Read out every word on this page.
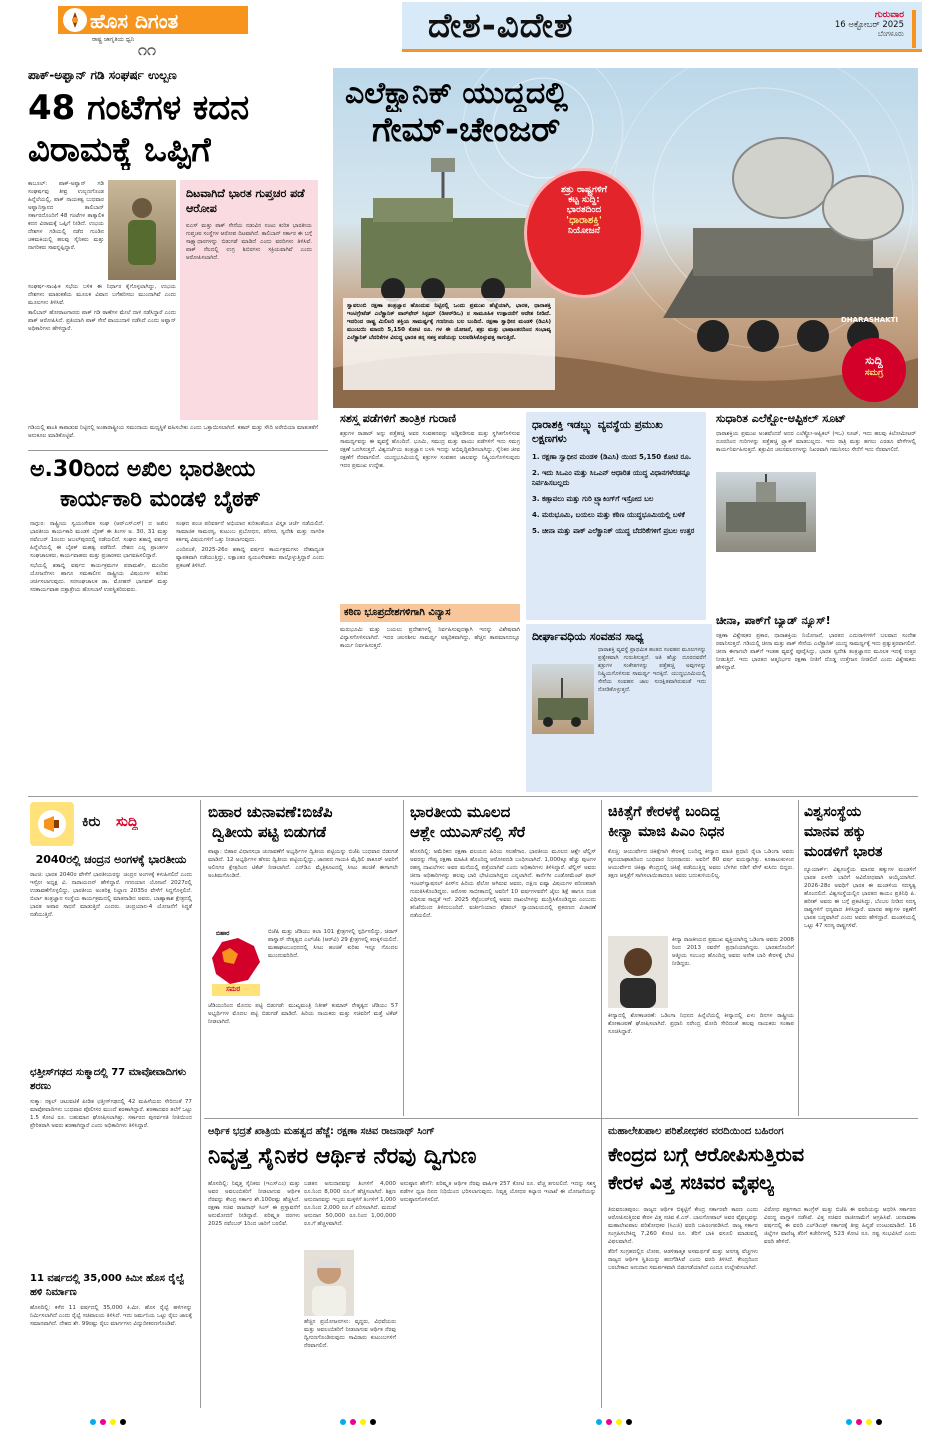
ಹೊಸ ದಿಗಂತ
ರಾಷ್ಟ್ರ ಜಾಗೃತಿಯ ಧ್ವನಿ
೧೧
ದೇಶ-ವಿದೇಶ	ಗುರುವಾರ
16 ಅಕ್ಟೋಬರ್ 2025
ಬೆಂಗಳೂರು
ಪಾಕ್-ಅಫ್ಘಾನ್ ಗಡಿ ಸಂಘರ್ಷ ಉಲ್ಬಣ
48 ಗಂಟೆಗಳ ಕದನ
ವಿರಾಮಕ್ಕೆ ಒಪ್ಪಿಗೆ

ಕಾಬೂಲ್: ಪಾಕ್-ಅಫ್ಘಾನ್ ಗಡಿ ಸಂಘರ್ಷವು ತೀವ್ರ ಉಲ್ಬಣಗೊಂಡ ಹಿನ್ನೆಲೆಯಲ್ಲಿ, ಪಾಕ್ ನಾಯಕತ್ವ ಬುಧವಾರ ಅಫ್ಘಾನಿಸ್ತಾನದ ತಾಲಿಬಾನ್ ಸರ್ಕಾರದೊಂದಿಗೆ 48 ಗಂಟೆಗಳ ತಾತ್ಕಾಲಿಕ ಕದನ ವಿರಾಮಕ್ಕೆ ಒಪ್ಪಿಗೆ ನೀಡಿದೆ. ಉಭಯ ದೇಶಗಳ ಗಡಿಯಲ್ಲಿ ನಡೆದ ಗುಂಡಿನ ಚಕಮಕಿಯಲ್ಲಿ ಹಲವು ಸೈನಿಕರು ಮತ್ತು ನಾಗರಿಕರು ಸಾವನ್ನಪ್ಪಿದ್ದಾರೆ.

ಸಂಘರ್ಷ-ಸಾಂಘಿಕ ಸಭೆಯ ಬಳಿಕ ಈ ನಿರ್ಧಾರ ಕೈಗೊಳ್ಳಲಾಗಿದ್ದು, ಉಭಯ ದೇಶಗಳು ಮಾತುಕತೆಯ ಮೂಲಕ ವಿವಾದ ಬಗೆಹರಿಸಲು ಮುಂದಾಗಿವೆ ಎಂದು ಮೂಲಗಳು ತಿಳಿಸಿವೆ.

ತಾಲಿಬಾನ್ ಹೋರಾಟಗಾರರು ಪಾಕ್ ಗಡಿ ಠಾಣೆಗಳ ಮೇಲೆ ದಾಳಿ ನಡೆಸಿದ್ದಾರೆ ಎಂದು ಪಾಕ್ ಆರೋಪಿಸಿದೆ. ಪ್ರತಿಯಾಗಿ ಪಾಕ್ ಸೇನೆ ವಾಯುದಾಳಿ ನಡೆಸಿದೆ ಎಂದು ಅಫ್ಘಾನ್ ಅಧಿಕಾರಿಗಳು ಹೇಳಿದ್ದಾರೆ.

ದಿಟವಾಗಿದೆ ಭಾರತ ಗುಪ್ತಚರ ಪಡೆ ಆರೋಪ
ಐಎಸ್ ಮತ್ತು ಪಾಕ್ ಸೇನೆಯ ನಡುವಿನ ನಂಟು ಕುರಿತ ಭಾರತೀಯ ಗುಪ್ತಚರ ಸಂಸ್ಥೆಗಳ ಆರೋಪ ದಿಟವಾಗಿದೆ. ತಾಲಿಬಾನ್ ಸರ್ಕಾರ ಈ ಬಗ್ಗೆ ಸಾಕ್ಷ್ಯಾಧಾರಗಳನ್ನು ಬಿಡುಗಡೆ ಮಾಡಿದೆ ಎಂದು ವರದಿಗಳು ತಿಳಿಸಿವೆ. ಪಾಕ್ ನೆಲದಲ್ಲಿ ಉಗ್ರ ಶಿಬಿರಗಳು ಸಕ್ರಿಯವಾಗಿವೆ ಎಂದು ಆರೋಪಿಸಲಾಗಿದೆ.

ಗಡಿಯಲ್ಲಿ ಶಾಂತಿ ಕಾಪಾಡುವ ನಿಟ್ಟಿನಲ್ಲಿ ಅಂತಾರಾಷ್ಟ್ರೀಯ ಸಮುದಾಯ ಮಧ್ಯಸ್ಥಿಕೆ ವಹಿಸಬೇಕು ಎಂದು ಒತ್ತಾಯಿಸಲಾಗಿದೆ. ಕತಾರ್ ಮತ್ತು ಸೌದಿ ಅರೇಬಿಯಾ ಮಾತುಕತೆಗೆ ಅನುಕೂಲ ಮಾಡಿಕೊಟ್ಟಿವೆ.

DHARASHAKTI
ಎಲೆಕ್ಟ್ರಾನಿಕ್ ಯುದ್ಧದಲ್ಲಿ
ಗೇಮ್-ಚೇಂಜರ್
ಶತ್ರು ರಾಷ್ಟ್ರಗಳಿಗೆ
ಕಟ್ಟ ಸುದ್ದಿ:
ಭಾರತದಿಂದ
'ಧಾರಾಶಕ್ತಿ'
ನಿಯೋಜನೆ
ಸ್ವಾವಲಂಬಿ ರಕ್ಷಣಾ ತಂತ್ರಜ್ಞಾನ ಹೊಂದುವ ನಿಟ್ಟಿನಲ್ಲಿ ಒಂದು ಪ್ರಮುಖ ಹೆಜ್ಜೆಯಾಗಿ, ಭಾರತ, ಧಾರಾಶಕ್ತಿ ಇಂಟಿಗ್ರೇಟೆಡ್ ಎಲೆಕ್ಟ್ರಾನಿಕ್ ವಾರ್‌ಫೇರ್ ಸಿಸ್ಟಮ್ (ಡಿಆರ್‌ಡಿಒ) ನ ಸಾಮೂಹಿಕ ಉತ್ಪಾದನೆಗೆ ಆದೇಶ ನೀಡಿದೆ. ಇದರಿಂದ ರಾಷ್ಟ್ರ ಮಿಲಿಟರಿ ಶಕ್ತಿಯ ಸಾಮರ್ಥ್ಯಕ್ಕೆ ಗಣನೀಯ ಬಲ ಬಂದಿದೆ. ರಕ್ಷಣಾ ಸ್ವಾಧೀನ ಮಂಡಳಿ (ಡಿಎಸಿ) ಮುಂಬಯಿ ಮಾದರಿ 5,150 ಕೋಟಿ ರೂ. ಗಳ ಈ ಯೋಜನೆ, ಶತ್ರು ಮತ್ತು ಭಾಷಾಂತರದಿಂದ ಸಂಭಾವ್ಯ ಎಲೆಕ್ಟ್ರಾನಿಕ್ ಬೆದರಿಕೆಗಳ ವಿರುದ್ಧ ಭಾರತ ತನ್ನ ಸಶಕ್ತ ಪಡೆಯನ್ನು ಬಲಪಡಿಸಿಕೊಳ್ಳುವತ್ತ ಸಾಗುತ್ತಿದೆ.
ಸುದ್ದಿ
ಸಮಗ್ರ
ಸಶಸ್ತ್ರ ಪಡೆಗಳಿಗೆ ತಾಂತ್ರಿಕ ಗುರಾಣಿ
ಶತ್ರುಗಳ ರಾಡಾರ್ ಅನ್ನು ಪತ್ತೆಹಚ್ಚಿ ಅವರ ಸಂವಹನವನ್ನು ಅಡ್ಡಿಪಡಿಸುವ ಮತ್ತು ಸ್ಥಗಿತಗೊಳಿಸುವ ಸಾಮರ್ಥ್ಯವನ್ನು ಈ ವ್ಯವಸ್ಥೆ ಹೊಂದಿದೆ. ಭೂಮಿ, ಸಮುದ್ರ ಮತ್ತು ವಾಯು ಪಡೆಗಳಿಗೆ ಇದು ಸಮಗ್ರ ರಕ್ಷಣೆ ಒದಗಿಸುತ್ತದೆ. ವಿಶ್ವದರ್ಜೆಯ ತಂತ್ರಜ್ಞಾನ ಬಳಸಿ ಇದನ್ನು ಅಭಿವೃದ್ಧಿಪಡಿಸಲಾಗಿದ್ದು, ಸೈನಿಕರ ಜೀವ ರಕ್ಷಣೆಗೆ ನೆರವಾಗಲಿದೆ. ಯುದ್ಧಭೂಮಿಯಲ್ಲಿ ಶತ್ರುಗಳ ಸಂವಹನ ಜಾಲವನ್ನು ನಿಷ್ಕ್ರಿಯಗೊಳಿಸುವುದು ಇದರ ಪ್ರಮುಖ ಉದ್ದೇಶ.
ಕಠಿಣ ಭೂಪ್ರದೇಶಗಳಿಗಾಗಿ ವಿನ್ಯಾಸ
ಮರುಭೂಮಿ ಮತ್ತು ಬಯಲು ಪ್ರದೇಶಗಳಲ್ಲಿ ನಿರ್ವಹಿಸುವುದಕ್ಕಾಗಿ ಇದನ್ನು ವಿಶೇಷವಾಗಿ ವಿನ್ಯಾಸಗೊಳಿಸಲಾಗಿದೆ. ಇದರ ಚಲನಶೀಲ ಸಾಮರ್ಥ್ಯ ಅತ್ಯಧಿಕವಾಗಿದ್ದು, ಹೆಚ್ಚಿನ ತಾಪಮಾನದಲ್ಲೂ ಕಾರ್ಯ ನಿರ್ವಹಿಸುತ್ತದೆ.
ಧಾರಾಶಕ್ತಿ ಇಡಬ್ಲ್ಯು ವ್ಯವಸ್ಥೆಯ ಪ್ರಮುಖ ಲಕ್ಷಣಗಳು
1. ರಕ್ಷಣಾ ಸ್ವಾಧೀನ ಮಂಡಳಿ (ಡಿಎಸಿ) ಯಿಂದ 5,150 ಕೋಟಿ ರೂ.
2. ಇದು ಸಿಒಎಂ ಮತ್ತು ಸಿಒಎನ್ ಆಧಾರಿತ ಯುದ್ಧ ವಿಧಾನಗಳೆರಡನ್ನೂ ನಿರ್ವಹಿಸಬಲ್ಲದು
3. ಕಣ್ಗಾವಲು ಮತ್ತು ಗುರಿ ಟ್ರ್ಯಾಕಿಂಗ್‌ಗೆ ಇಸ್ರೋದ ಬಲ
4. ಮರುಭೂಮಿ, ಬಯಲು ಮತ್ತು ಕಠಿಣ ಯುದ್ಧಭೂಮಿಯಲ್ಲಿ ಬಳಕೆ
5. ಚೀನಾ ಮತ್ತು ಪಾಕ್ ಎಲೆಕ್ಟ್ರಾನಿಕ್ ಯುದ್ಧ ಬೆದರಿಕೆಗಳಿಗೆ ಪ್ರಬಲ ಉತ್ತರ
ದೀರ್ಘಾವಧಿಯ ಸಂವಹನ ಸಾಧ್ಯ
ಧಾರಾಶಕ್ತಿ ವ್ಯವಸ್ಥೆ ಪ್ರಾಥಮಿಕ ಹಂತದ ಸಂವಹನ ಮೂಲಗಳನ್ನು ಪ್ರತ್ಯೇಕವಾಗಿ ಗುರುತಿಸುತ್ತದೆ. ಅತಿ ಹೆಚ್ಚು ದೂರದವರೆಗೆ ಶತ್ರುಗಳ ಸಂಕೇತಗಳನ್ನು ಪತ್ತೆಹಚ್ಚಿ ಅವುಗಳನ್ನು ನಿಷ್ಕ್ರಿಯಗೊಳಿಸುವ ಸಾಮರ್ಥ್ಯ ಇದಕ್ಕಿದೆ. ಯುದ್ಧಭೂಮಿಯಲ್ಲಿ ಸೇನೆಯ ಸಂವಹನ ಜಾಲ ಸುರಕ್ಷಿತವಾಗಿರುವಂತೆ ಇದು ನೋಡಿಕೊಳ್ಳುತ್ತದೆ.
ಸುಧಾರಿತ ಎಲೆಕ್ಟ್ರೋ-ಆಪ್ಟಿಕಲ್ ಸೂಟ್
ಧಾರಾಶಕ್ತಿಯ ಪ್ರಮುಖ ಅಂಶವೆಂದರೆ ಅದರ ಎಲೆಕ್ಟ್ರೋ-ಆಪ್ಟಿಕಲ್ (ಇಒ) ಸೂಟ್, ಇದು ಹಲವು ಕಿಲೋಮೀಟರ್ ದೂರದಿಂದ ಗುರಿಗಳನ್ನು ಪತ್ತೆಹಚ್ಚಿ ಟ್ರ್ಯಾಕ್ ಮಾಡಬಲ್ಲದು. ಇದು ರಾತ್ರಿ ಮತ್ತು ಹಗಲು ಎರಡೂ ವೇಳೆಗಳಲ್ಲಿ ಕಾರ್ಯನಿರ್ವಹಿಸುತ್ತದೆ. ಶತ್ರುವಿನ ಚಲನವಲನಗಳನ್ನು ನಿಖರವಾಗಿ ಗಮನಿಸಲು ಸೇನೆಗೆ ಇದು ನೆರವಾಗಲಿದೆ.
ಚೀನಾ, ಪಾಕ್‌ಗೆ ಬ್ಯಾಡ್ ನ್ಯೂಸ್!
ರಕ್ಷಣಾ ವಿಶ್ಲೇಷಕರ ಪ್ರಕಾರ, ಧಾರಾಶಕ್ತಿಯ ನಿಯೋಜನೆ, ಭಾರತದ ಎದುರಾಳಿಗಳಿಗೆ ಬಲವಾದ ಸಂದೇಶ ರವಾನಿಸುತ್ತದೆ. ಗಡಿಯಲ್ಲಿ ಚೀನಾ ಮತ್ತು ಪಾಕ್ ಸೇನೆಯ ಎಲೆಕ್ಟ್ರಾನಿಕ್ ಯುದ್ಧ ಸಾಮರ್ಥ್ಯಕ್ಕೆ ಇದು ಪ್ರತ್ಯುತ್ತರವಾಗಲಿದೆ. ಚೀನಾ ಈಗಾಗಲೇ ಪಾಕ್‌ಗೆ ಇಂತಹ ವ್ಯವಸ್ಥೆ ಪೂರೈಸಿದ್ದು, ಭಾರತ ಸ್ವದೇಶಿ ತಂತ್ರಜ್ಞಾನದ ಮೂಲಕ ಇದಕ್ಕೆ ಉತ್ತರ ನೀಡುತ್ತಿದೆ. ಇದು ಭಾರತದ ಆತ್ಮನಿರ್ಭರ ರಕ್ಷಣಾ ನೀತಿಗೆ ದೊಡ್ಡ ಉತ್ತೇಜನ ನೀಡಲಿದೆ ಎಂದು ವಿಶ್ಲೇಷಕರು ಹೇಳಿದ್ದಾರೆ.
ಅ.30ರಿಂದ ಅಖಿಲ ಭಾರತೀಯ
ಕಾರ್ಯಕಾರಿ ಮಂಡಳಿ ಬೈಠಕ್

ನಾಗ್ಪುರ: ರಾಷ್ಟ್ರೀಯ ಸ್ವಯಂಸೇವಕ ಸಂಘ (ಆರ್‌ಎಸ್‌ಎಸ್) ದ ಅಖಿಲ ಭಾರತೀಯ ಕಾರ್ಯಕಾರಿ ಮಂಡಳಿ ಬೈಠಕ್ ಈ ತಿಂಗಳ ಅ. 30, 31 ಮತ್ತು ನವೆಂಬರ್ 1ರಂದು ಜಬಲ್‌ಪುರದಲ್ಲಿ ನಡೆಯಲಿದೆ. ಸಂಘದ ಶತಾಬ್ದಿ ವರ್ಷದ ಹಿನ್ನೆಲೆಯಲ್ಲಿ ಈ ಬೈಠಕ್ ಮಹತ್ವ ಪಡೆದಿದೆ. ದೇಶದ ಎಲ್ಲ ಪ್ರಾಂತಗಳ ಸಂಘಚಾಲಕರು, ಕಾರ್ಯವಾಹರು ಮತ್ತು ಪ್ರಚಾರಕರು ಭಾಗವಹಿಸಲಿದ್ದಾರೆ.

ಸಭೆಯಲ್ಲಿ ಶತಾಬ್ದಿ ವರ್ಷದ ಕಾರ್ಯಕ್ರಮಗಳ ಪರಾಮರ್ಶೆ, ಮುಂದಿನ ಯೋಜನೆಗಳು ಹಾಗೂ ಸಮಕಾಲೀನ ರಾಷ್ಟ್ರೀಯ ವಿಷಯಗಳ ಕುರಿತು ಚರ್ಚಿಸಲಾಗುವುದು. ಸರಸಂಘಚಾಲಕ ಡಾ. ಮೋಹನ್ ಭಾಗವತ್ ಮತ್ತು ಸರಕಾರ್ಯವಾಹ ದತ್ತಾತ್ರೇಯ ಹೊಸಬಾಳೆ ಉಪಸ್ಥಿತರಿರುವರು.

ಸಂಘದ ಪಂಚ ಪರಿವರ್ತನೆ ಅಭಿಯಾನ ಕುರಿತಂತೆಯೂ ವಿಸ್ತೃತ ಚರ್ಚೆ ನಡೆಯಲಿದೆ. ಸಾಮಾಜಿಕ ಸಾಮರಸ್ಯ, ಕುಟುಂಬ ಪ್ರಬೋಧನ, ಪರಿಸರ, ಸ್ವದೇಶಿ ಮತ್ತು ನಾಗರಿಕ ಕರ್ತವ್ಯ ವಿಷಯಗಳಿಗೆ ಒತ್ತು ನೀಡಲಾಗುವುದು.

ಎಂದಿನಂತೆ, 2025-26ರ ಶತಾಬ್ದಿ ವರ್ಷದ ಕಾರ್ಯಕ್ರಮಗಳು ದೇಶಾದ್ಯಂತ ವ್ಯಾಪಕವಾಗಿ ನಡೆಯುತ್ತಿದ್ದು, ಲಕ್ಷಾಂತರ ಸ್ವಯಂಸೇವಕರು ಪಾಲ್ಗೊಳ್ಳುತ್ತಿದ್ದಾರೆ ಎಂದು ಪ್ರಕಟಣೆ ತಿಳಿಸಿದೆ.

ಕಿರು ಸುದ್ದಿ
2040ರಲ್ಲಿ ಚಂದ್ರನ ಅಂಗಳಕ್ಕೆ ಭಾರತೀಯ
ರಾಂಚಿ: ಭಾರತ 2040ರ ವೇಳೆಗೆ ಭಾರತೀಯರನ್ನು ಚಂದ್ರನ ಅಂಗಳಕ್ಕೆ ಕಳುಹಿಸಲಿದೆ ಎಂದು ಇಸ್ರೋ ಅಧ್ಯಕ್ಷ ವಿ. ನಾರಾಯಣನ್ ಹೇಳಿದ್ದಾರೆ. ಗಗನಯಾನ ಯೋಜನೆ 2027ರಲ್ಲಿ ಉಡಾವಣೆಗೊಳ್ಳಲಿದ್ದು, ಭಾರತೀಯ ಅಂತರಿಕ್ಷ ನಿಲ್ದಾಣ 2035ರ ವೇಳೆಗೆ ಸಿದ್ಧಗೊಳ್ಳಲಿದೆ. ಬಿರ್ಲಾ ತಂತ್ರಜ್ಞಾನ ಸಂಸ್ಥೆಯ ಕಾರ್ಯಕ್ರಮದಲ್ಲಿ ಮಾತನಾಡಿದ ಅವರು, ಬಾಹ್ಯಾಕಾಶ ಕ್ಷೇತ್ರದಲ್ಲಿ ಭಾರತ ಅಪಾರ ಸಾಧನೆ ಮಾಡುತ್ತಿದೆ ಎಂದರು. ಚಂದ್ರಯಾನ-4 ಯೋಜನೆಗೆ ಸಿದ್ಧತೆ ನಡೆಯುತ್ತಿದೆ.
ಛತ್ತೀಸ್‌ಗಢದ ಸುಕ್ಮಾದಲ್ಲಿ 77 ಮಾವೋವಾದಿಗಳು ಶರಣು
ಸುಕ್ಮಾ: ನಕ್ಸಲ್ ಚಟುವಟಿಕೆ ಪೀಡಿತ ಛತ್ತೀಸ್‌ಗಢದಲ್ಲಿ 42 ಮಹಿಳೆಯರು ಸೇರಿದಂತೆ 77 ಮಾವೋವಾದಿಗಳು ಬುಧವಾರ ಪೊಲೀಸರ ಮುಂದೆ ಶರಣಾಗಿದ್ದಾರೆ. ಶರಣಾದವರ ತಲೆಗೆ ಒಟ್ಟು 1.5 ಕೋಟಿ ರೂ. ಬಹುಮಾನ ಘೋಷಿಸಲಾಗಿತ್ತು. ಸರ್ಕಾರದ ಪುನರ್ವಸತಿ ನೀತಿಯಿಂದ ಪ್ರೇರಿತರಾಗಿ ಅವರು ಶರಣಾಗಿದ್ದಾರೆ ಎಂದು ಅಧಿಕಾರಿಗಳು ತಿಳಿಸಿದ್ದಾರೆ.
11 ವರ್ಷದಲ್ಲಿ 35,000 ಕಿಮೀ ಹೊಸ ರೈಲ್ವೆ ಹಳಿ ನಿರ್ಮಾಣ
ಹೊಸದಿಲ್ಲಿ: ಕಳೆದ 11 ವರ್ಷದಲ್ಲಿ 35,000 ಕಿ.ಮೀ. ಹೊಸ ರೈಲ್ವೆ ಹಳಿಗಳನ್ನು ನಿರ್ಮಿಸಲಾಗಿದೆ ಎಂದು ರೈಲ್ವೆ ಸಚಿವಾಲಯ ತಿಳಿಸಿದೆ. ಇದು ಜರ್ಮನಿಯ ಒಟ್ಟು ರೈಲು ಜಾಲಕ್ಕೆ ಸಮಾನವಾಗಿದೆ. ದೇಶದ ಶೇ. 99ರಷ್ಟು ರೈಲು ಮಾರ್ಗಗಳು ವಿದ್ಯುದೀಕರಣಗೊಂಡಿವೆ.
ಬಿಹಾರ ಚುನಾವಣೆ:ಬಿಜೆಪಿ
ದ್ವಿತೀಯ ಪಟ್ಟಿ ಬಿಡುಗಡೆ

ಪಾಟ್ನಾ: ಬಿಹಾರ ವಿಧಾನಸಭಾ ಚುನಾವಣೆಗೆ ಅಭ್ಯರ್ಥಿಗಳ ದ್ವಿತೀಯ ಪಟ್ಟಿಯನ್ನು ಬಿಜೆಪಿ ಬುಧವಾರ ಬಿಡುಗಡೆ ಮಾಡಿದೆ. 12 ಅಭ್ಯರ್ಥಿಗಳ ಹೆಸರು ದ್ವಿತೀಯ ಪಟ್ಟಿಯಲ್ಲಿದ್ದು, ಜಾನಪದ ಗಾಯಕಿ ಮೈಥಿಲಿ ಠಾಕೂರ್ ಅವರಿಗೆ ಅಲಿನಗರ ಕ್ಷೇತ್ರದಿಂದ ಟಿಕೆಟ್ ನೀಡಲಾಗಿದೆ. ಎನ್‌ಡಿಎ ಮೈತ್ರಿಕೂಟದಲ್ಲಿ ಸೀಟು ಹಂಚಿಕೆ ಈಗಾಗಲೇ ಅಂತಿಮಗೊಂಡಿದೆ.

ಬಿಹಾರ
ಸಮರ

ಬಿಜೆಪಿ ಮತ್ತು ಜೆಡಿಯು ತಲಾ 101 ಕ್ಷೇತ್ರಗಳಲ್ಲಿ ಸ್ಪರ್ಧಿಸಲಿದ್ದು, ಚಿರಾಗ್ ಪಾಸ್ವಾನ್ ನೇತೃತ್ವದ ಎಲ್‌ಜೆಪಿ (ಆರ್‌ವಿ) 29 ಕ್ಷೇತ್ರಗಳಲ್ಲಿ ಕಣಕ್ಕಿಳಿಯಲಿದೆ. ಮಹಾಘಟಬಂಧನದಲ್ಲಿ ಸೀಟು ಹಂಚಿಕೆ ಕುರಿತು ಇನ್ನೂ ಗೊಂದಲ ಮುಂದುವರಿದಿದೆ.

ಜೆಡಿಯುದಿಂದ ಮೊದಲ ಪಟ್ಟಿ ಬಿಡುಗಡೆ: ಮುಖ್ಯಮಂತ್ರಿ ನಿತೀಶ್ ಕುಮಾರ್ ನೇತೃತ್ವದ ಜೆಡಿಯು 57 ಅಭ್ಯರ್ಥಿಗಳ ಮೊದಲ ಪಟ್ಟಿ ಬಿಡುಗಡೆ ಮಾಡಿದೆ. ಹಿರಿಯ ನಾಯಕರು ಮತ್ತು ಸಚಿವರಿಗೆ ಮತ್ತೆ ಟಿಕೆಟ್ ನೀಡಲಾಗಿದೆ.

ಭಾರತೀಯ ಮೂಲದ
ಆಶ್ಲೇ ಯುಎಸ್‌ನಲ್ಲಿ ಸೆರೆ
ಹೊಸದಿಲ್ಲಿ: ಅಮೆರಿಕದ ರಕ್ಷಣಾ ವಲಯದ ಹಿರಿಯ ಸಲಹೆಗಾರ, ಭಾರತೀಯ ಮೂಲದ ಆಶ್ಲೇ ಟೆಲ್ಲಿಸ್ ಅವರನ್ನು ಗೌಪ್ಯ ರಕ್ಷಣಾ ಮಾಹಿತಿ ಹೊಂದಿದ್ದ ಆರೋಪದಡಿ ಬಂಧಿಸಲಾಗಿದೆ. 1,000ಕ್ಕೂ ಹೆಚ್ಚು ಪುಟಗಳ ರಹಸ್ಯ ದಾಖಲೆಗಳು ಅವರ ಮನೆಯಲ್ಲಿ ಪತ್ತೆಯಾಗಿವೆ ಎಂದು ಅಧಿಕಾರಿಗಳು ತಿಳಿಸಿದ್ದಾರೆ. ಟೆಲ್ಲಿಸ್ ಅವರು ಚೀನಾ ಅಧಿಕಾರಿಗಳನ್ನು ಹಲವು ಬಾರಿ ಭೇಟಿಯಾಗಿದ್ದರು ಎನ್ನಲಾಗಿದೆ. ಕಾರ್ನೆಗೀ ಎಂಡೋಮೆಂಟ್ ಫಾರ್ ಇಂಟರ್‌ನ್ಯಾಷನಲ್ ಪೀಸ್‌ನ ಹಿರಿಯ ಫೆಲೋ ಆಗಿರುವ ಅವರು, ದಕ್ಷಿಣ ಏಷ್ಯಾ ವಿಷಯಗಳ ಪರಿಣತರಾಗಿ ಗುರುತಿಸಿಕೊಂಡಿದ್ದರು. ಆರೋಪ ಸಾಬೀತಾದಲ್ಲಿ ಅವರಿಗೆ 10 ವರ್ಷಗಳವರೆಗೆ ಜೈಲು ಶಿಕ್ಷೆ ಹಾಗೂ ದಂಡ ವಿಧಿಸುವ ಸಾಧ್ಯತೆ ಇದೆ. 2025 ಸೆಪ್ಟೆಂಬರ್‌ನಲ್ಲಿ ಅವರು ದಾಖಲೆಗಳನ್ನು ಮುದ್ರಿಸಿಕೊಂಡಿದ್ದರು ಎಂಬುದು ತನಿಖೆಯಿಂದ ತಿಳಿದುಬಂದಿದೆ. ವರ್ಜೀನಿಯಾದ ಫೆಡರಲ್ ನ್ಯಾಯಾಲಯದಲ್ಲಿ ಪ್ರಕರಣದ ವಿಚಾರಣೆ ನಡೆಯಲಿದೆ.
ಚಿಕಿತ್ಸೆಗೆ ಕೇರಳಕ್ಕೆ ಬಂದಿದ್ದ
ಕೀನ್ಯಾ ಮಾಜಿ ಪಿಎಂ ನಿಧನ

ಕೊಚ್ಚಿ: ಆಯುರ್ವೇದ ಚಿಕಿತ್ಸೆಗಾಗಿ ಕೇರಳಕ್ಕೆ ಬಂದಿದ್ದ ಕೀನ್ಯಾದ ಮಾಜಿ ಪ್ರಧಾನಿ ರೈಲಾ ಒಡಿಂಗಾ ಅವರು ಹೃದಯಾಘಾತದಿಂದ ಬುಧವಾರ ನಿಧನರಾದರು. ಅವರಿಗೆ 80 ವರ್ಷ ವಯಸ್ಸಾಗಿತ್ತು. ಕೂತಾಟುಕುಳಂನ ಆಯುರ್ವೇದ ಚಿಕಿತ್ಸಾ ಕೇಂದ್ರದಲ್ಲಿ ಚಿಕಿತ್ಸೆ ಪಡೆಯುತ್ತಿದ್ದ ಅವರು ಬೆಳಗಿನ ನಡಿಗೆ ವೇಳೆ ಕುಸಿದು ಬಿದ್ದರು. ತಕ್ಷಣ ಆಸ್ಪತ್ರೆಗೆ ಸಾಗಿಸಲಾಯಿತಾದರೂ ಅವರು ಬದುಕುಳಿಯಲಿಲ್ಲ.

ಕೀನ್ಯಾ ರಾಜಕೀಯದ ಪ್ರಮುಖ ವ್ಯಕ್ತಿಯಾಗಿದ್ದ ಒಡಿಂಗಾ ಅವರು 2008 ರಿಂದ 2013 ರವರೆಗೆ ಪ್ರಧಾನಿಯಾಗಿದ್ದರು. ಭಾರತದೊಂದಿಗೆ ಆತ್ಮೀಯ ಸಂಬಂಧ ಹೊಂದಿದ್ದ ಅವರು ಅನೇಕ ಬಾರಿ ಕೇರಳಕ್ಕೆ ಭೇಟಿ ನೀಡಿದ್ದರು.

ಕೀನ್ಯಾದಲ್ಲಿ ಶೋಕಾಚರಣೆ: ಒಡಿಂಗಾ ನಿಧನದ ಹಿನ್ನೆಲೆಯಲ್ಲಿ ಕೀನ್ಯಾದಲ್ಲಿ ಏಳು ದಿನಗಳ ರಾಷ್ಟ್ರೀಯ ಶೋಕಾಚರಣೆ ಘೋಷಿಸಲಾಗಿದೆ. ಪ್ರಧಾನಿ ನರೇಂದ್ರ ಮೋದಿ ಸೇರಿದಂತೆ ಹಲವು ನಾಯಕರು ಸಂತಾಪ ಸೂಚಿಸಿದ್ದಾರೆ.

ವಿಶ್ವಸಂಸ್ಥೆಯ
ಮಾನವ ಹಕ್ಕು
ಮಂಡಳಿಗೆ ಭಾರತ
ನ್ಯೂಯಾರ್ಕ್: ವಿಶ್ವಸಂಸ್ಥೆಯ ಮಾನವ ಹಕ್ಕುಗಳ ಮಂಡಳಿಗೆ ಭಾರತ ಏಳನೇ ಬಾರಿಗೆ ಅವಿರೋಧವಾಗಿ ಆಯ್ಕೆಯಾಗಿದೆ. 2026-28ರ ಅವಧಿಗೆ ಭಾರತ ಈ ಮಂಡಳಿಯ ಸದಸ್ಯತ್ವ ಹೊಂದಲಿದೆ. ವಿಶ್ವಸಂಸ್ಥೆಯಲ್ಲಿನ ಭಾರತದ ಕಾಯಂ ಪ್ರತಿನಿಧಿ ಪಿ. ಹರೀಶ್ ಅವರು ಈ ಬಗ್ಗೆ ಪ್ರಕಟಿಸಿದ್ದು, ಬೆಂಬಲ ನೀಡಿದ ಸದಸ್ಯ ರಾಷ್ಟ್ರಗಳಿಗೆ ಧನ್ಯವಾದ ತಿಳಿಸಿದ್ದಾರೆ. ಮಾನವ ಹಕ್ಕುಗಳ ರಕ್ಷಣೆಗೆ ಭಾರತ ಬದ್ಧವಾಗಿದೆ ಎಂದು ಅವರು ಹೇಳಿದ್ದಾರೆ. ಮಂಡಳಿಯಲ್ಲಿ ಒಟ್ಟು 47 ಸದಸ್ಯ ರಾಷ್ಟ್ರಗಳಿವೆ.
ಆರ್ಥಿಕ ಭದ್ರತೆ ಖಾತ್ರಿಯ ಮಹತ್ವದ ಹೆಜ್ಜೆ: ರಕ್ಷಣಾ ಸಚಿವ ರಾಜನಾಥ್ ಸಿಂಗ್
ನಿವೃತ್ತ ಸೈನಿಕರ ಆರ್ಥಿಕ ನೆರವು ದ್ವಿಗುಣ

ಹೊಸದಿಲ್ಲಿ: ನಿವೃತ್ತ ಸೈನಿಕರು (ಇಎಸ್‌ಎಂ) ಮತ್ತು ಅವರ ಅವಲಂಬಿತರಿಗೆ ನೀಡಲಾಗುವ ಆರ್ಥಿಕ ನೆರವನ್ನು ಕೇಂದ್ರ ಸರ್ಕಾರ ಶೇ.100ರಷ್ಟು ಹೆಚ್ಚಿಸಿದೆ. ರಕ್ಷಣಾ ಸಚಿವ ರಾಜನಾಥ್ ಸಿಂಗ್ ಈ ಪ್ರಸ್ತಾವನೆಗೆ ಅನುಮೋದನೆ ನೀಡಿದ್ದಾರೆ. ಪರಿಷ್ಕೃತ ದರಗಳು 2025 ನವೆಂಬರ್ 1ರಿಂದ ಜಾರಿಗೆ ಬರಲಿವೆ.

ಬಡತನ ಅನುದಾನವನ್ನು ತಿಂಗಳಿಗೆ 4,000 ರೂ.ನಿಂದ 8,000 ರೂ.ಗೆ ಹೆಚ್ಚಿಸಲಾಗಿದೆ. ಶಿಕ್ಷಣ ಅನುದಾನವನ್ನು ಇಬ್ಬರು ಮಕ್ಕಳಿಗೆ ತಿಂಗಳಿಗೆ 1,000 ರೂ.ನಿಂದ 2,000 ರೂ.ಗೆ ಏರಿಸಲಾಗಿದೆ. ಮದುವೆ ಅನುದಾನ 50,000 ರೂ.ನಿಂದ 1,00,000 ರೂ.ಗೆ ಹೆಚ್ಚಳವಾಗಿದೆ.

ಹೆಚ್ಚಿನ ಪ್ರಯೋಜನಗಳು: ವೃದ್ಧರು, ವಿಧವೆಯರು ಮತ್ತು ಅವಲಂಬಿತರಿಗೆ ನೀಡಲಾಗುವ ಆರ್ಥಿಕ ನೆರವು ದ್ವಿಗುಣಗೊಂಡಿರುವುದು ಸಾವಿರಾರು ಕುಟುಂಬಗಳಿಗೆ ನೆರವಾಗಲಿದೆ.

ಅನುಷ್ಠಾನ ಹೇಗೆ?: ಪರಿಷ್ಕೃತ ಆರ್ಥಿಕ ನೆರವು ವಾರ್ಷಿಕ 257 ಕೋಟಿ ರೂ. ವೆಚ್ಚ ತಗುಲಲಿದೆ. ಇದನ್ನು ಸಶಸ್ತ್ರ ಪಡೆಗಳ ಧ್ವಜ ದಿನದ ನಿಧಿಯಿಂದ ಭರಿಸಲಾಗುವುದು. ನಿವೃತ್ತ ಯೋಧರ ಕಲ್ಯಾಣ ಇಲಾಖೆ ಈ ಯೋಜನೆಯನ್ನು ಅನುಷ್ಠಾನಗೊಳಿಸಲಿದೆ.

ಮಹಾಲೇಖಪಾಲ ಪರಿಶೋಧಕರ ವರದಿಯಿಂದ ಬಹಿರಂಗ
ಕೇಂದ್ರದ ಬಗ್ಗೆ ಆರೋಪಿಸುತ್ತಿರುವ
ಕೇರಳ ವಿತ್ತ ಸಚಿವರ ವೈಫಲ್ಯ

ತಿರುವನಂತಪುರಂ: ರಾಜ್ಯದ ಆರ್ಥಿಕ ಬಿಕ್ಕಟ್ಟಿಗೆ ಕೇಂದ್ರ ಸರ್ಕಾರವೇ ಕಾರಣ ಎಂದು ಆರೋಪಿಸುತ್ತಿರುವ ಕೇರಳ ವಿತ್ತ ಸಚಿವ ಕೆ.ಎನ್. ಬಾಲಗೋಪಾಲ್ ಅವರ ವೈಫಲ್ಯವನ್ನು ಮಹಾಲೇಖಪಾಲ ಪರಿಶೋಧಕರ (ಸಿಎಜಿ) ವರದಿ ಬಹಿರಂಗಪಡಿಸಿದೆ. ರಾಜ್ಯ ಸರ್ಕಾರ ಸಂಗ್ರಹಿಸಬೇಕಿದ್ದ 7,260 ಕೋಟಿ ರೂ. ತೆರಿಗೆ ಬಾಕಿ ವಸೂಲಿ ಮಾಡುವಲ್ಲಿ ವಿಫಲವಾಗಿದೆ.

ತೆರಿಗೆ ಸಂಗ್ರಹದಲ್ಲಿನ ಲೋಪ, ಆಡಳಿತಾತ್ಮಕ ಅಸಮರ್ಥತೆ ಮತ್ತು ಅನಗತ್ಯ ವೆಚ್ಚಗಳು ರಾಜ್ಯದ ಆರ್ಥಿಕ ಸ್ಥಿತಿಯನ್ನು ಹದಗೆಡಿಸಿವೆ ಎಂದು ವರದಿ ತಿಳಿಸಿದೆ. ಕೇಂದ್ರದಿಂದ ಬರಬೇಕಾದ ಅನುದಾನ ಸಮರ್ಪಕವಾಗಿ ಬಿಡುಗಡೆಯಾಗಿದೆ ಎಂದೂ ಉಲ್ಲೇಖಿಸಲಾಗಿದೆ.

ವಿರೋಧ ಪಕ್ಷಗಳಾದ ಕಾಂಗ್ರೆಸ್ ಮತ್ತು ಬಿಜೆಪಿ ಈ ವರದಿಯನ್ನು ಆಧರಿಸಿ ಸರ್ಕಾರದ ವಿರುದ್ಧ ವಾಗ್ದಾಳಿ ನಡೆಸಿವೆ. ವಿತ್ತ ಸಚಿವರ ರಾಜೀನಾಮೆಗೆ ಆಗ್ರಹಿಸಿವೆ. ಚುನಾವಣಾ ವರ್ಷದಲ್ಲಿ ಈ ವರದಿ ಎಲ್‌ಡಿಎಫ್ ಸರ್ಕಾರಕ್ಕೆ ತೀವ್ರ ಹಿನ್ನಡೆ ಉಂಟುಮಾಡಿದೆ. 16 ಜಿಲ್ಲೆಗಳ ವಾಣಿಜ್ಯ ತೆರಿಗೆ ಕಚೇರಿಗಳಲ್ಲಿ 523 ಕೋಟಿ ರೂ. ನಷ್ಟ ಸಂಭವಿಸಿದೆ ಎಂದು ವರದಿ ಹೇಳಿದೆ.
